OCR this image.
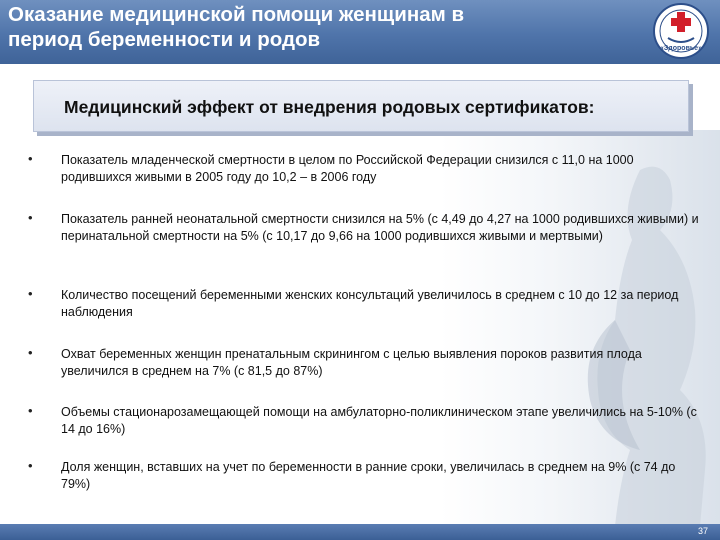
Оказание медицинской помощи женщинам в
период беременности и родов	«Здоровье»
Медицинский эффект от внедрения родовых сертификатов:
• Показатель младенческой смертности в целом по Российской Федерации снизился с 11,0 на 1000 родившихся живыми в 2005 году до 10,2 – в 2006 году
• Показатель ранней неонатальной смертности снизился на 5% (с 4,49 до 4,27 на 1000 родившихся живыми) и перинатальной смертности на 5% (с 10,17 до 9,66 на 1000 родившихся живыми и мертвыми)
• Количество посещений беременными женских консультаций увеличилось в среднем с 10 до 12 за период наблюдения
• Охват беременных женщин пренатальным скринингом с целью выявления пороков развития плода увеличился в среднем на 7% (с 81,5 до 87%)
• Объемы стационарозамещающей помощи на амбулаторно-поликлиническом этапе увеличились на 5-10% (с 14 до 16%)
• Доля женщин, вставших на учет по беременности в ранние сроки, увеличилась в среднем на 9% (с 74 до 79%)
37
